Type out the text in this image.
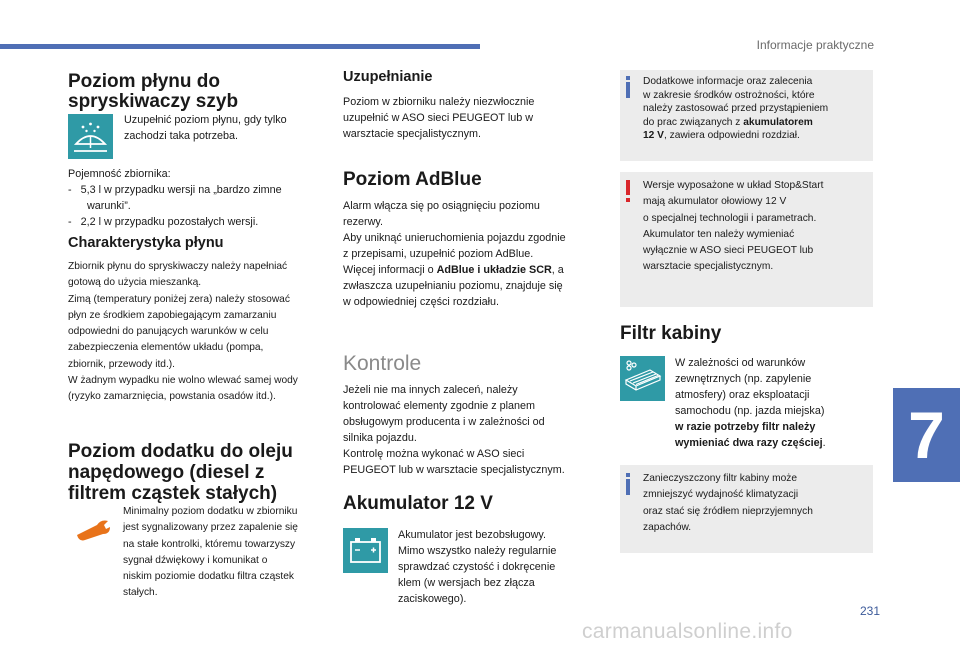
Informacje praktyczne
7
231
carmanualsonline.info
Poziom płynu do
spryskiwaczy szyb
Uzupełnić poziom płynu, gdy tylko
zachodzi taka potrzeba.
Pojemność zbiornika:
-   5,3 l w przypadku wersji na „bardzo zimne
warunki”.
-   2,2 l w przypadku pozostałych wersji.
Charakterystyka płynu
Zbiornik płynu do spryskiwaczy należy napełniać
gotową do użycia mieszanką.
Zimą (temperatury poniżej zera) należy stosować
płyn ze środkiem zapobiegającym zamarzaniu
odpowiedni do panujących warunków w celu
zabezpieczenia elementów układu (pompa,
zbiornik, przewody itd.).
W żadnym wypadku nie wolno wlewać samej wody
(ryzyko zamarznięcia, powstania osadów itd.).
Poziom dodatku do oleju
napędowego (diesel z
filtrem cząstek stałych)
Minimalny poziom dodatku w zbiorniku
jest sygnalizowany przez zapalenie się
na stałe kontrolki, któremu towarzyszy
sygnał dźwiękowy i komunikat o
niskim poziomie dodatku filtra cząstek
stałych.
Uzupełnianie
Poziom w zbiorniku należy niezwłocznie
uzupełnić w ASO sieci PEUGEOT lub w
warsztacie specjalistycznym.
Poziom AdBlue
Alarm włącza się po osiągnięciu poziomu
rezerwy.
Aby uniknąć unieruchomienia pojazdu zgodnie
z przepisami, uzupełnić poziom AdBlue.
Więcej informacji o AdBlue i układzie SCR, a
zwłaszcza uzupełnianiu poziomu, znajduje się
w odpowiedniej części rozdziału.
Kontrole
Jeżeli nie ma innych zaleceń, należy
kontrolować elementy zgodnie z planem
obsługowym producenta i w zależności od
silnika pojazdu.
Kontrolę można wykonać w ASO sieci
PEUGEOT lub w warsztacie specjalistycznym.
Akumulator 12 V
Akumulator jest bezobsługowy.
Mimo wszystko należy regularnie
sprawdzać czystość i dokręcenie
klem (w wersjach bez złącza
zaciskowego).
Dodatkowe informacje oraz zalecenia
w zakresie środków ostrożności, które
należy zastosować przed przystąpieniem
do prac związanych z akumulatorem
12 V, zawiera odpowiedni rozdział.
Wersje wyposażone w układ Stop&Start
mają akumulator ołowiowy 12 V
o specjalnej technologii i parametrach.
Akumulator ten należy wymieniać
wyłącznie w ASO sieci PEUGEOT lub
warsztacie specjalistycznym.
Filtr kabiny
W zależności od warunków
zewnętrznych (np. zapylenie
atmosfery) oraz eksploatacji
samochodu (np. jazda miejska)
w razie potrzeby filtr należy
wymieniać dwa razy częściej.
Zanieczyszczony filtr kabiny może
zmniejszyć wydajność klimatyzacji
oraz stać się źródłem nieprzyjemnych
zapachów.
